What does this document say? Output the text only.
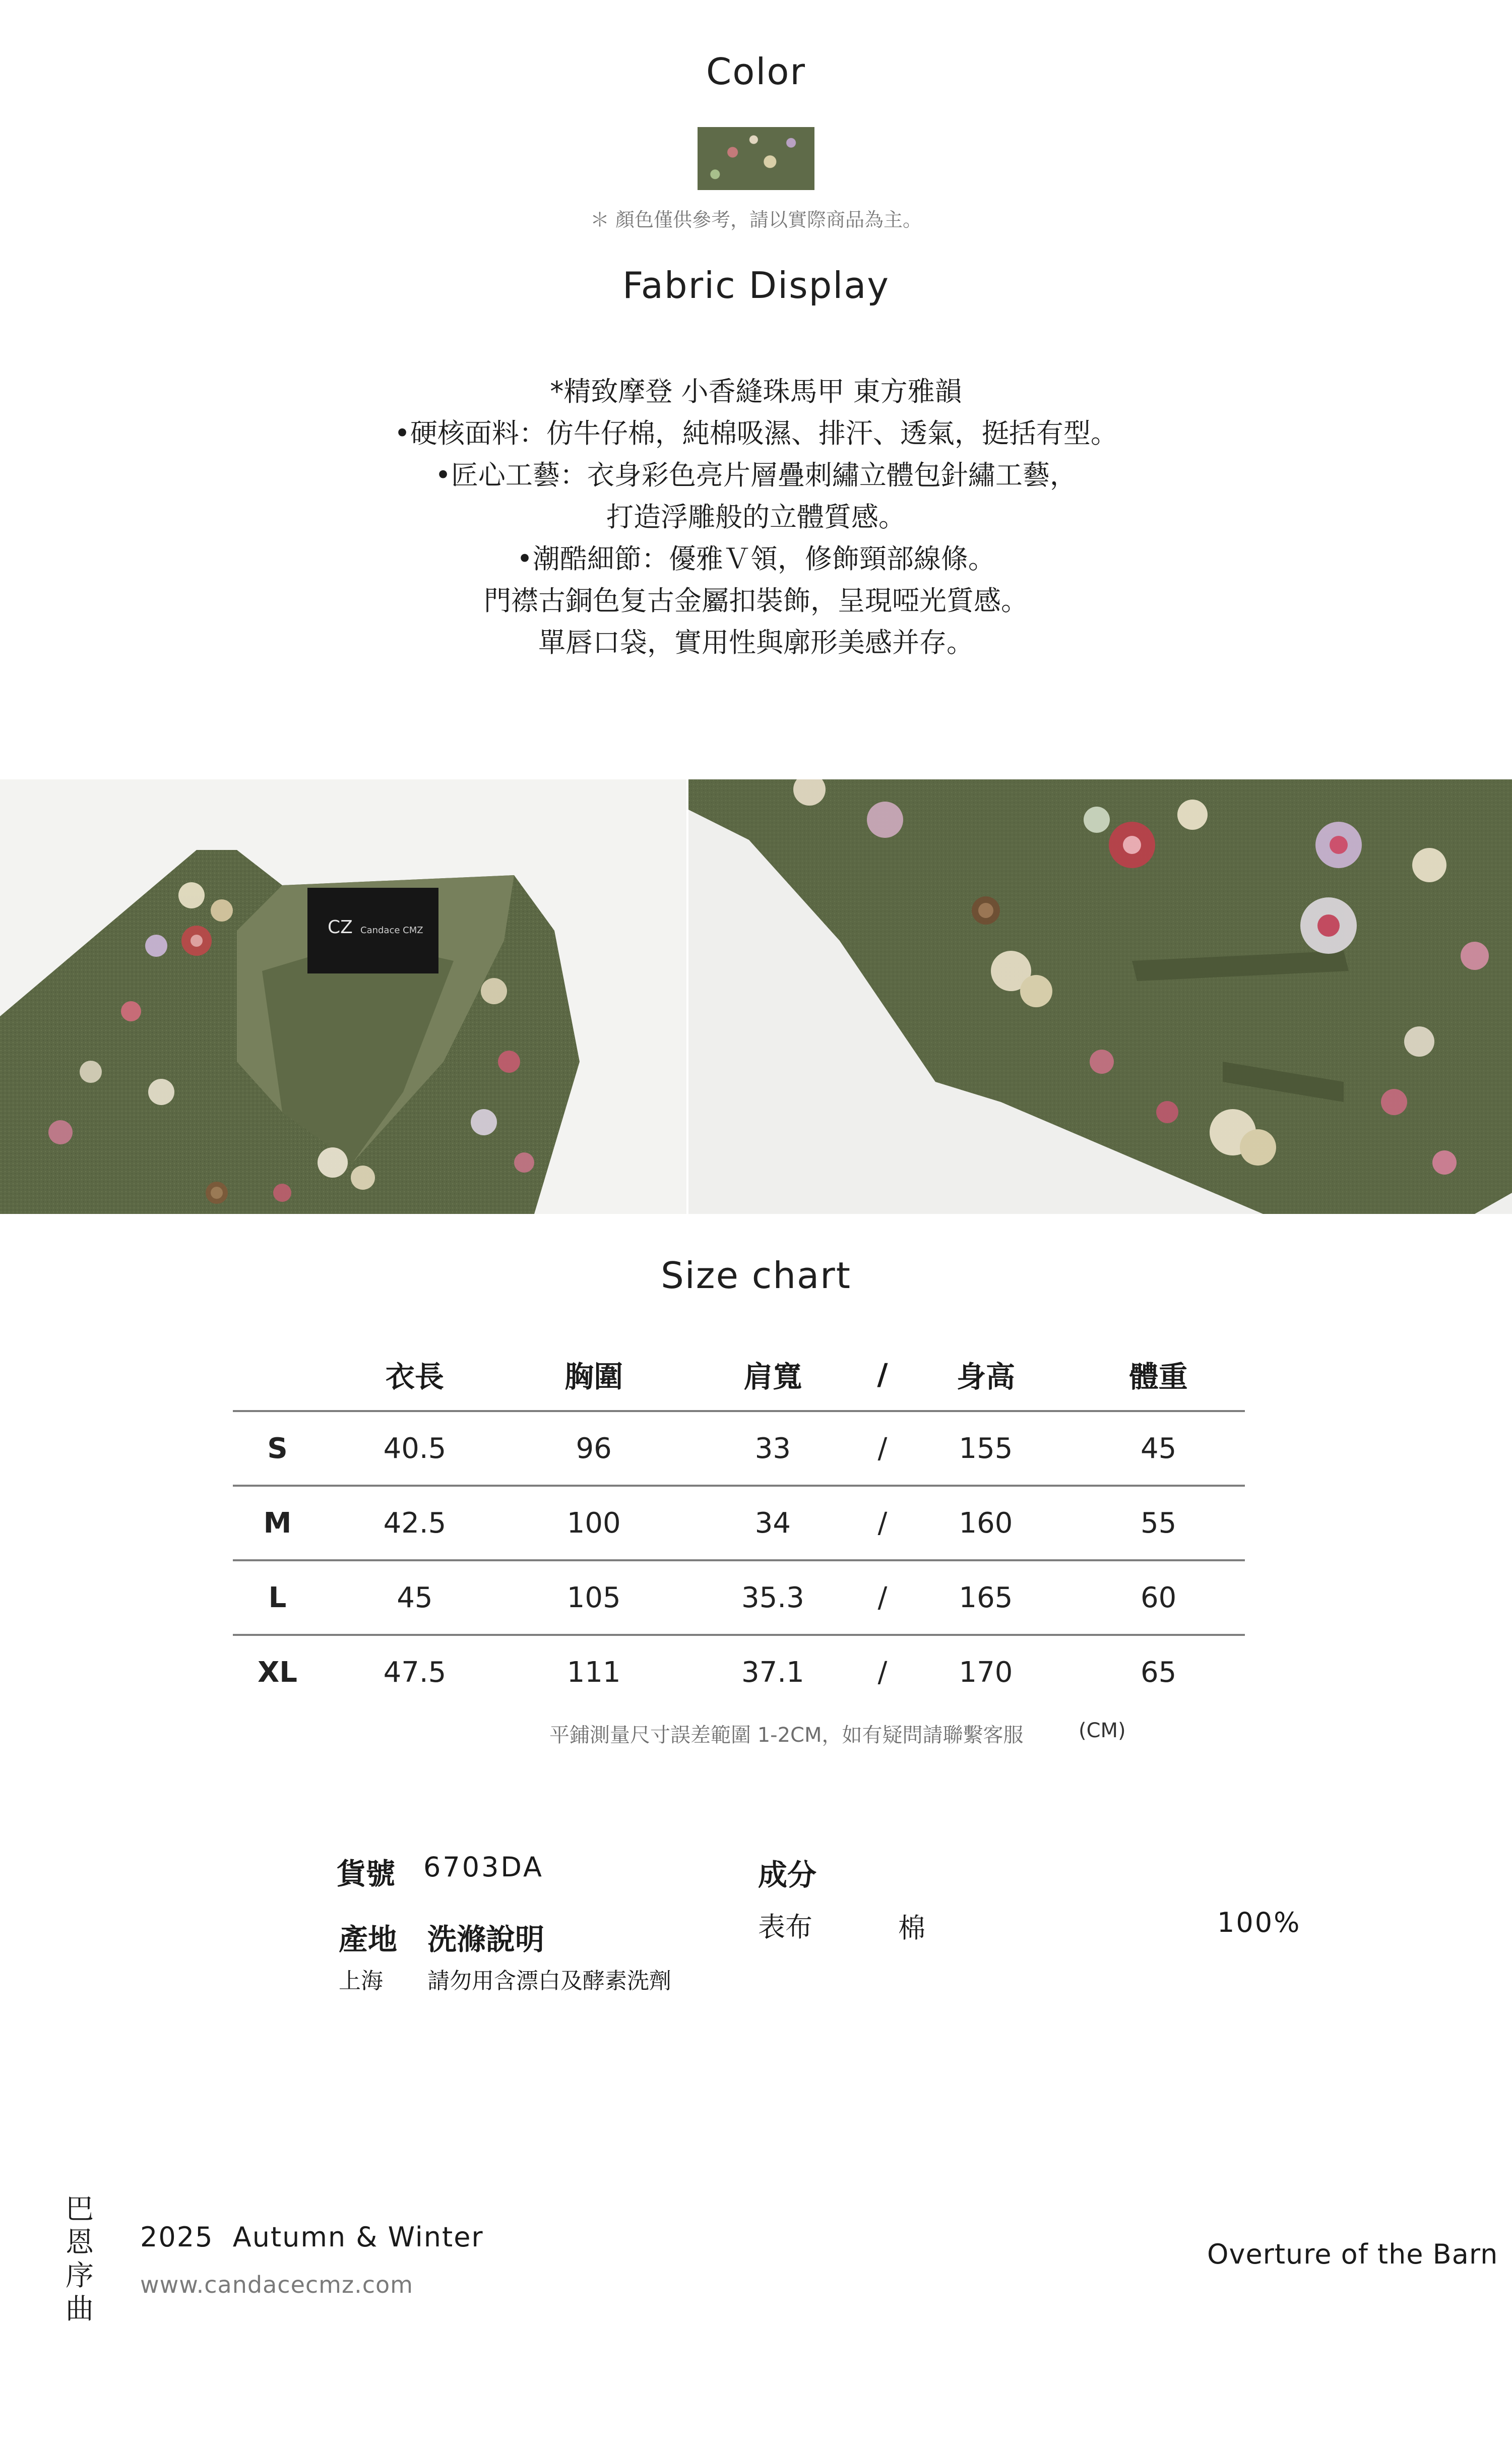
Color
＊ 顏色僅供參考，請以實際商品為主。
Fabric Display
*精致摩登 小香縫珠馬甲 東方雅韻
•硬核面料：仿牛仔棉，純棉吸濕、排汗、透氣，挺括有型。
•匠心工藝：衣身彩色亮片層疊刺繡立體包針繡工藝，
打造浮雕般的立體質感。
•潮酷細節：優雅Ｖ領，修飾頸部線條。
門襟古銅色复古金屬扣裝飾，呈現啞光質感。
單唇口袋，實用性與廓形美感并存。
CZ Candace CMZ
Size chart
	衣長	胸圍	肩寬	/	身高	體重
S	40.5	96	33	/	155	45
M	42.5	100	34	/	160	55
L	45	105	35.3	/	165	60
XL	47.5	111	37.1	/	170	65
平鋪測量尺寸誤差範圍 1-2CM，如有疑問請聯繫客服	(CM)
貨號 6703DA
產地 洗滌說明
上海 請勿用含漂白及酵素洗劑
成分
表布	棉	100%
巴
恩
序
曲
2025  Autumn & Winter
www.candacecmz.com
Overture of the Barn
